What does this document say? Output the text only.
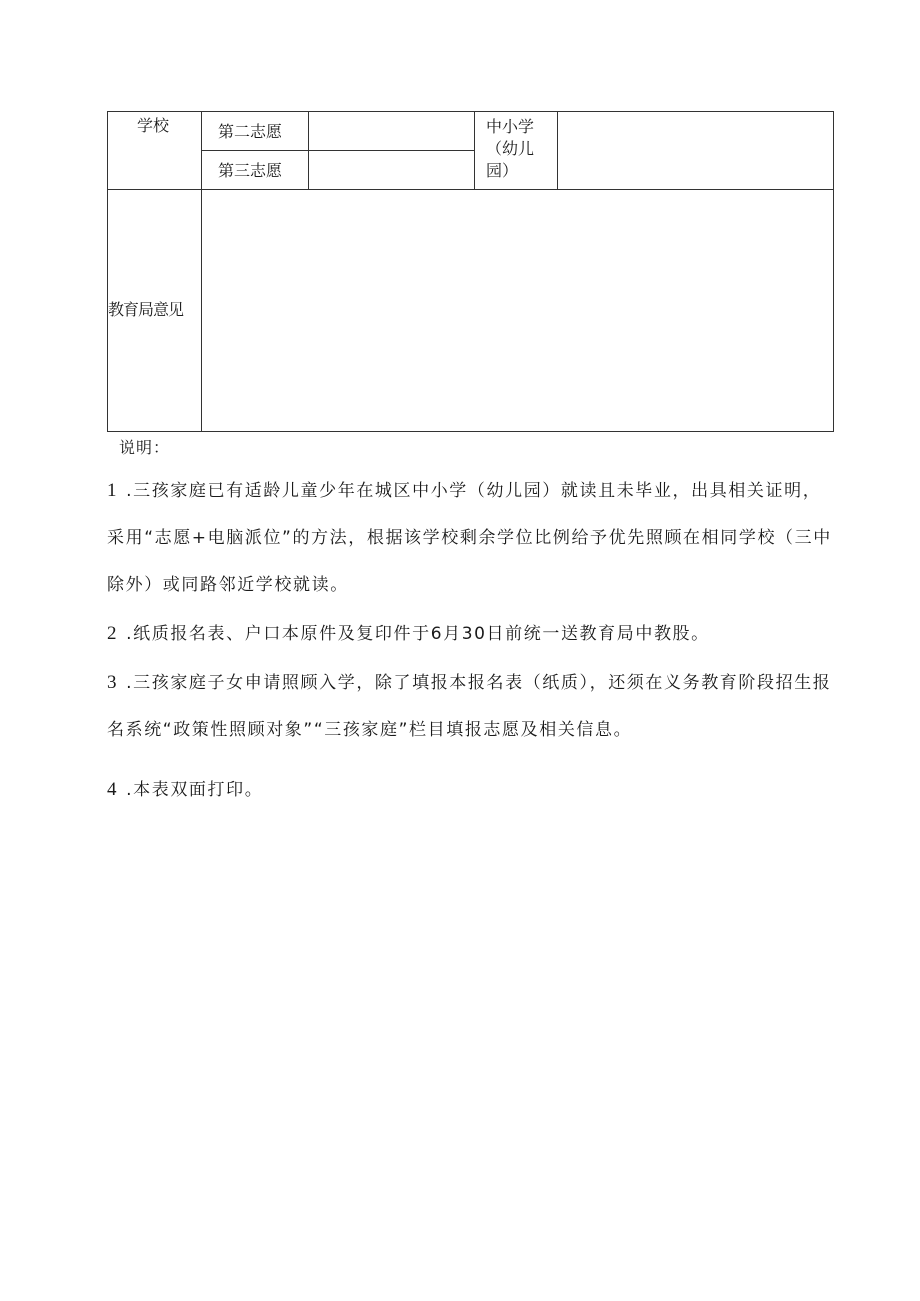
学校	第二志愿
第三志愿
中小学（幼儿园）
教育局意见
说明：
1 .三孩家庭已有适龄儿童少年在城区中小学（幼儿园）就读且未毕业，出具相关证明，采用“志愿+电脑派位”的方法，根据该学校剩余学位比例给予优先照顾在相同学校（三中除外）或同路邻近学校就读。
2 .纸质报名表、户口本原件及复印件于6月30日前统一送教育局中教股。
3 .三孩家庭子女申请照顾入学，除了填报本报名表（纸质），还须在义务教育阶段招生报名系统“政策性照顾对象”“三孩家庭”栏目填报志愿及相关信息。
4 .本表双面打印。
